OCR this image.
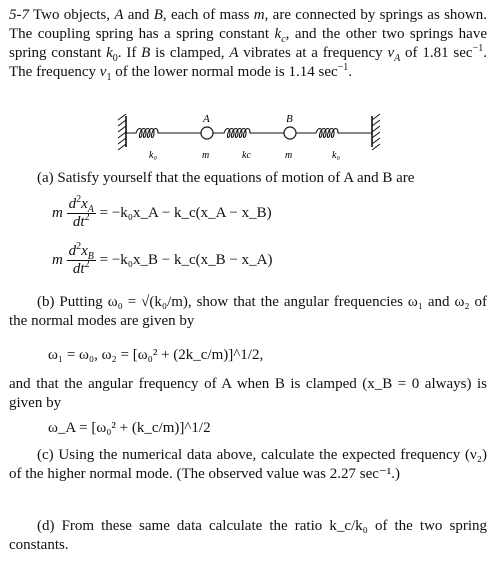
5-7 Two objects, A and B, each of mass m, are connected by springs as shown. The coupling spring has a spring constant $k_c$, and the other two springs have spring constant $k_0$. If B is clamped, A vibrates at a frequency $\nu_A$ of 1.81 $\sec^{-1}$. The frequency $\nu_1$ of the lower normal mode is 1.14 $\sec^{-1}$.

A	B
k₀	m	kc	m	k₀

(a) Satisfy yourself that the equations of motion of A and B are

m $\frac{d^2x_A}{dt^2}$ = −k₀x_A − k_c(x_A − x_B)
m $\frac{d^2x_B}{dt^2}$ = −k₀x_B − k_c(x_B − x_A)

(b) Putting ω₀ = √(k₀/m), show that the angular frequencies ω₁ and ω₂ of the normal modes are given by

ω₁ = ω₀, ω₂ = [ω₀² + (2k_c/m)]^1/2,

and that the angular frequency of A when B is clamped (x_B = 0 always) is given by

ω_A = [ω₀² + (k_c/m)]^1/2

(c) Using the numerical data above, calculate the expected frequency (ν₂) of the higher normal mode. (The observed value was 2.27 sec⁻¹.)

(d) From these same data calculate the ratio k_c/k₀ of the two spring constants.
